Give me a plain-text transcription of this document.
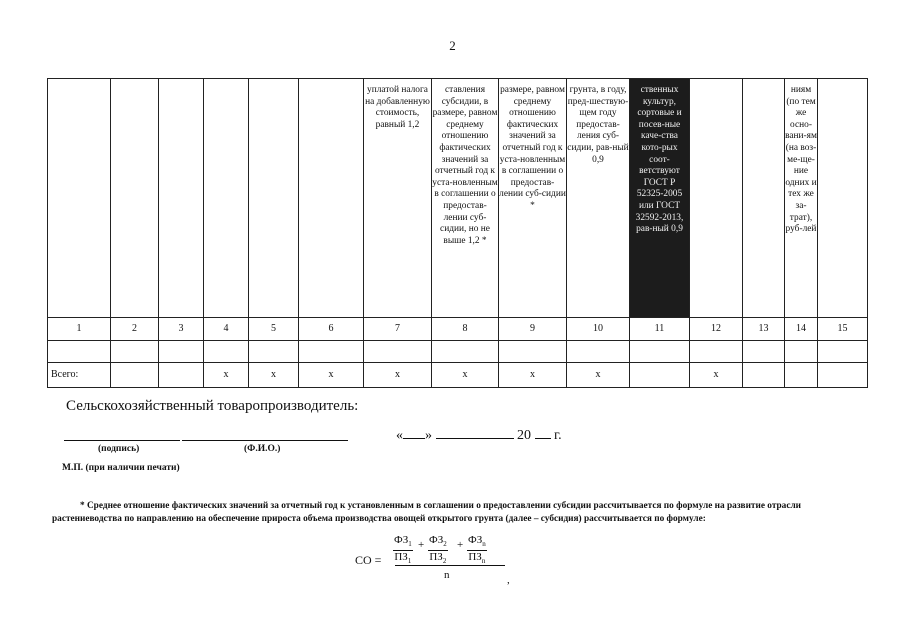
2
						уплатой налога на добавленную стоимость, равный 1,2	ставления субсидии, в размере, равном среднему отношению фактических значений за отчетный год к уста-новленным в соглашении о предостав-лении суб-сидии, но не выше 1,2 *	размере, равном среднему отношению фактических значений за отчетный год к уста-новленным в соглашении о предостав-лении суб-сидии *	грунта, в году, пред-шествую-щем году предостав-ления суб-сидии, рав-ный 0,9	ственных культур, сортовые и посев-ные каче-ства кото-рых соот-ветствуют ГОСТ Р 52325-2005 или ГОСТ 32592-2013, рав-ный 0,9			ниям (по тем же осно-вани-ям (на воз-ме-ще-ние одних и тех же за-трат), руб-лей	
1	2	3	4	5	6	7	8	9	10	11	12	13	14	15

Всего:			x	x	x	x	x	x	x		x			
Сельскохозяйственный товаропроизводитель:
(подпись)	(Ф.И.О.)
« »	20 г.
М.П. (при наличии печати)
* Среднее отношение фактических значений за отчетный год к установленным в соглашении о предоставлении субсидии рассчитывается по формуле на развитие отрасли растениеводства по направлению на обеспечение прироста объема производства овощей открытого грунта (далее – субсидия) рассчитывается по формуле:
СО =
$ФЗ_1$
$ПЗ_1$
+ $ФЗ_2$
$ПЗ_2$
+ $ФЗ_n$
$ПЗ_n$
n	,
